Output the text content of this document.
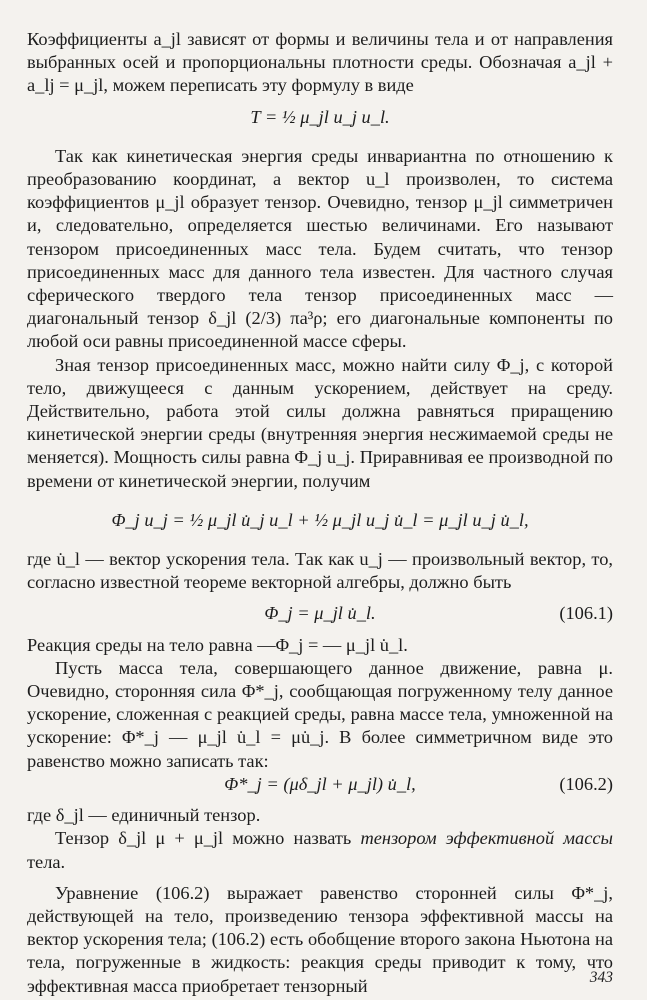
Коэффициенты a_jl зависят от формы и величины тела и от направления выбранных осей и пропорциональны плотности среды. Обозначая a_jl + a_lj = μ_jl, можем переписать эту формулу в виде

T = ½ μ_jl u_j u_l.

Так как кинетическая энергия среды инвариантна по отношению к преобразованию координат, а вектор u_l произволен, то система коэффициентов μ_jl образует тензор. Очевидно, тензор μ_jl симметричен и, следовательно, определяется шестью величинами. Его называют тензором присоединенных масс тела. Будем считать, что тензор присоединенных масс для данного тела известен. Для частного случая сферического твердого тела тензор присоединенных масс — диагональный тензор δ_jl (2/3) πa³ρ; его диагональные компоненты по любой оси равны присоединенной массе сферы.

Зная тензор присоединенных масс, можно найти силу Φ_j, с которой тело, движущееся с данным ускорением, действует на среду. Действительно, работа этой силы должна равняться приращению кинетической энергии среды (внутренняя энергия несжимаемой среды не меняется). Мощность силы равна Φ_j u_j. Приравнивая ее производной по времени от кинетической энергии, получим

Φ_j u_j = ½ μ_jl u̇_j u_l + ½ μ_jl u_j u̇_l = μ_jl u_j u̇_l,

где u̇_l — вектор ускорения тела. Так как u_j — произвольный вектор, то, согласно известной теореме векторной алгебры, должно быть

Φ_j = μ_jl u̇_l.	(106.1)

Реакция среды на тело равна —Φ_j = — μ_jl u̇_l.

Пусть масса тела, совершающего данное движение, равна μ. Очевидно, сторонняя сила Φ*_j, сообщающая погруженному телу данное ускорение, сложенная с реакцией среды, равна массе тела, умноженной на ускорение: Φ*_j — μ_jl u̇_l = μu̇_j. В более симметричном виде это равенство можно записать так:

Φ*_j = (μδ_jl + μ_jl) u̇_l,	(106.2)

где δ_jl — единичный тензор.

Тензор δ_jl μ + μ_jl можно назвать тензором эффективной массы тела.

Уравнение (106.2) выражает равенство сторонней силы Φ*_j, действующей на тело, произведению тензора эффективной массы на вектор ускорения тела; (106.2) есть обобщение второго закона Ньютона на тела, погруженные в жидкость: реакция среды приводит к тому, что эффективная масса приобретает тензорный	343
